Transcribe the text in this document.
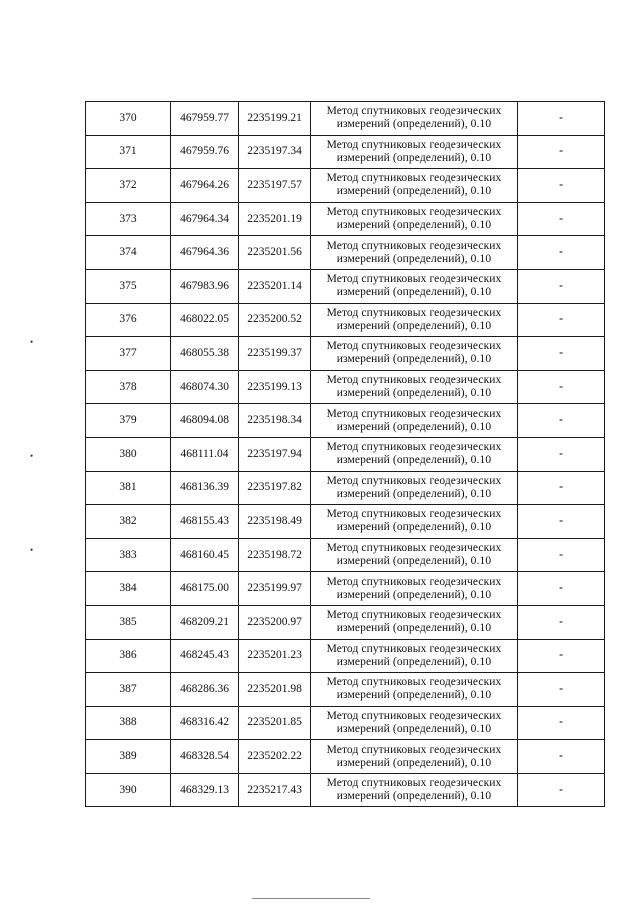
370	467959.77	2235199.21	Метод спутниковых геодезических
измерений (определений), 0.10	-
371	467959.76	2235197.34	Метод спутниковых геодезических
измерений (определений), 0.10	-
372	467964.26	2235197.57	Метод спутниковых геодезических
измерений (определений), 0.10	-
373	467964.34	2235201.19	Метод спутниковых геодезических
измерений (определений), 0.10	-
374	467964.36	2235201.56	Метод спутниковых геодезических
измерений (определений), 0.10	-
375	467983.96	2235201.14	Метод спутниковых геодезических
измерений (определений), 0.10	-
376	468022.05	2235200.52	Метод спутниковых геодезических
измерений (определений), 0.10	-
377	468055.38	2235199.37	Метод спутниковых геодезических
измерений (определений), 0.10	-
378	468074.30	2235199.13	Метод спутниковых геодезических
измерений (определений), 0.10	-
379	468094.08	2235198.34	Метод спутниковых геодезических
измерений (определений), 0.10	-
380	468111.04	2235197.94	Метод спутниковых геодезических
измерений (определений), 0.10	-
381	468136.39	2235197.82	Метод спутниковых геодезических
измерений (определений), 0.10	-
382	468155.43	2235198.49	Метод спутниковых геодезических
измерений (определений), 0.10	-
383	468160.45	2235198.72	Метод спутниковых геодезических
измерений (определений), 0.10	-
384	468175.00	2235199.97	Метод спутниковых геодезических
измерений (определений), 0.10	-
385	468209.21	2235200.97	Метод спутниковых геодезических
измерений (определений), 0.10	-
386	468245.43	2235201.23	Метод спутниковых геодезических
измерений (определений), 0.10	-
387	468286.36	2235201.98	Метод спутниковых геодезических
измерений (определений), 0.10	-
388	468316.42	2235201.85	Метод спутниковых геодезических
измерений (определений), 0.10	-
389	468328.54	2235202.22	Метод спутниковых геодезических
измерений (определений), 0.10	-
390	468329.13	2235217.43	Метод спутниковых геодезических
измерений (определений), 0.10	-
•
•
•
